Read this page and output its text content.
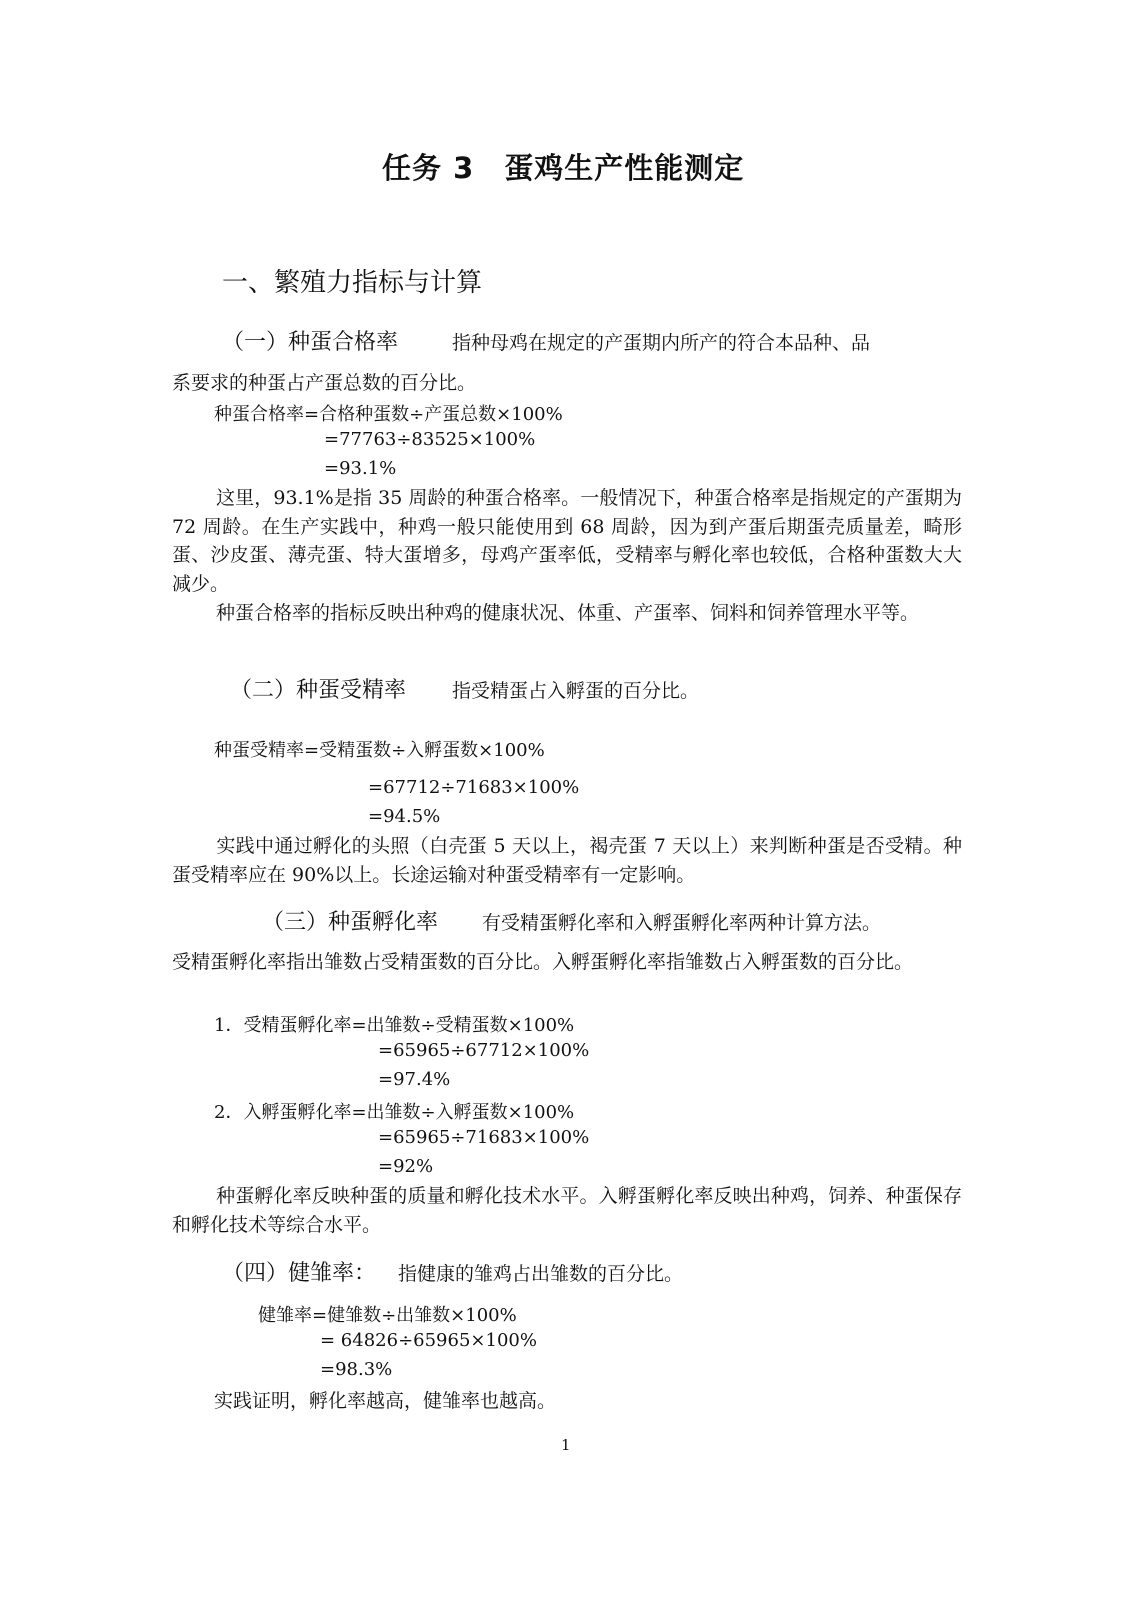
任务 3　蛋鸡生产性能测定
一、繁殖力指标与计算
（一）种蛋合格率	指种母鸡在规定的产蛋期内所产的符合本品种、品
系要求的种蛋占产蛋总数的百分比。
种蛋合格率=合格种蛋数÷产蛋总数×100%
=77763÷83525×100%
=93.1%
这里，93.1%是指 35 周龄的种蛋合格率。一般情况下，种蛋合格率是指规定的产蛋期为 72 周龄。在生产实践中，种鸡一般只能使用到 68 周龄，因为到产蛋后期蛋壳质量差，畸形蛋、沙皮蛋、薄壳蛋、特大蛋增多，母鸡产蛋率低，受精率与孵化率也较低，合格种蛋数大大减少。
种蛋合格率的指标反映出种鸡的健康状况、体重、产蛋率、饲料和饲养管理水平等。
（二）种蛋受精率 指受精蛋占入孵蛋的百分比。
种蛋受精率=受精蛋数÷入孵蛋数×100%
=67712÷71683×100%
=94.5%
实践中通过孵化的头照（白壳蛋 5 天以上，褐壳蛋 7 天以上）来判断种蛋是否受精。种蛋受精率应在 90%以上。长途运输对种蛋受精率有一定影响。
（三）种蛋孵化率 有受精蛋孵化率和入孵蛋孵化率两种计算方法。
受精蛋孵化率指出雏数占受精蛋数的百分比。入孵蛋孵化率指雏数占入孵蛋数的百分比。
1．受精蛋孵化率=出雏数÷受精蛋数×100%
=65965÷67712×100%
=97.4%
2．入孵蛋孵化率=出雏数÷入孵蛋数×100%
=65965÷71683×100%
=92%
种蛋孵化率反映种蛋的质量和孵化技术水平。入孵蛋孵化率反映出种鸡，饲养、种蛋保存和孵化技术等综合水平。
（四）健雏率： 指健康的雏鸡占出雏数的百分比。
健雏率=健雏数÷出雏数×100%
= 64826÷65965×100%
=98.3%
实践证明，孵化率越高，健雏率也越高。
1
